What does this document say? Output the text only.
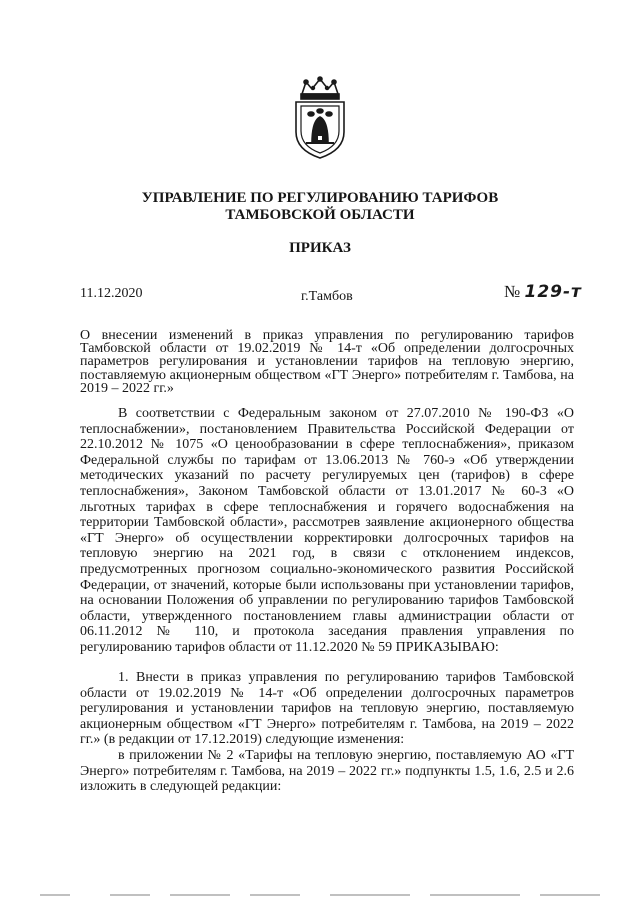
УПРАВЛЕНИЕ ПО РЕГУЛИРОВАНИЮ ТАРИФОВ
ТАМБОВСКОЙ ОБЛАСТИ
ПРИКАЗ
11.12.2020	г.Тамбов	№ 129-т
О внесении изменений в приказ управления по регулированию тарифов Тамбовской области от 19.02.2019 № 14-т «Об определении долгосрочных параметров регулирования и установлении тарифов на тепловую энергию, поставляемую акционерным обществом «ГТ Энерго» потребителям г. Тамбова, на 2019 – 2022 гг.»

В соответствии с Федеральным законом от 27.07.2010 № 190-ФЗ «О теплоснабжении», постановлением Правительства Российской Федерации от 22.10.2012 № 1075 «О ценообразовании в сфере теплоснабжения», приказом Федеральной службы по тарифам от 13.06.2013 № 760-э «Об утверждении методических указаний по расчету регулируемых цен (тарифов) в сфере теплоснабжения», Законом Тамбовской области от 13.01.2017 № 60-З «О льготных тарифах в сфере теплоснабжения и горячего водоснабжения на территории Тамбовской области», рассмотрев заявление акционерного общества «ГТ Энерго» об осуществлении корректировки долгосрочных тарифов на тепловую энергию на 2021 год, в связи с отклонением индексов, предусмотренных прогнозом социально-экономического развития Российской Федерации, от значений, которые были использованы при установлении тарифов, на основании Положения об управлении по регулированию тарифов Тамбовской области, утвержденного постановлением главы администрации области от 06.11.2012 № 110, и протокола заседания правления управления по регулированию тарифов области от 11.12.2020 № 59 ПРИКАЗЫВАЮ:

1. Внести в приказ управления по регулированию тарифов Тамбовской области от 19.02.2019 № 14-т «Об определении долгосрочных параметров регулирования и установлении тарифов на тепловую энергию, поставляемую акционерным обществом «ГТ Энерго» потребителям г. Тамбова, на 2019 – 2022 гг.» (в редакции от 17.12.2019) следующие изменения:

в приложении № 2 «Тарифы на тепловую энергию, поставляемую АО «ГТ Энерго» потребителям г. Тамбова, на 2019 – 2022 гг.» подпункты 1.5, 1.6, 2.5 и 2.6 изложить в следующей редакции:
